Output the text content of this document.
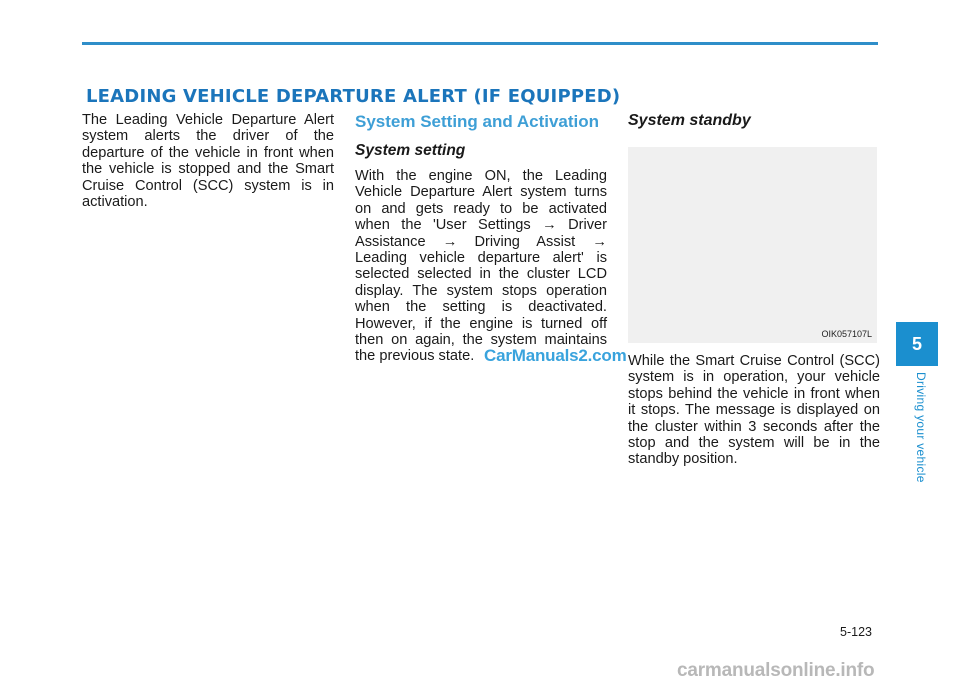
LEADING VEHICLE DEPARTURE ALERT (IF EQUIPPED)

The Leading Vehicle Departure Alert system alerts the driver of the departure of the vehicle in front when the vehicle is stopped and the Smart Cruise Control (SCC) system is in activation.

System Setting and Activation
System setting

With the engine ON, the Leading Vehicle Departure Alert system turns on and gets ready to be activated when the 'User Settings → Driver Assistance → Driving Assist → Leading vehicle departure alert' is selected selected in the cluster LCD display. The system stops operation when the setting is deactivated. However, if the engine is turned off then on again, the system maintains the previous state.

System standby
OIK057107L

While the Smart Cruise Control (SCC) system is in operation, your vehicle stops behind the vehicle in front when it stops. The message is displayed on the cluster within 3 seconds after the stop and the system will be in the standby position.

CarManuals2.com
5
Driving your vehicle
5-123
carmanualsonline.info
